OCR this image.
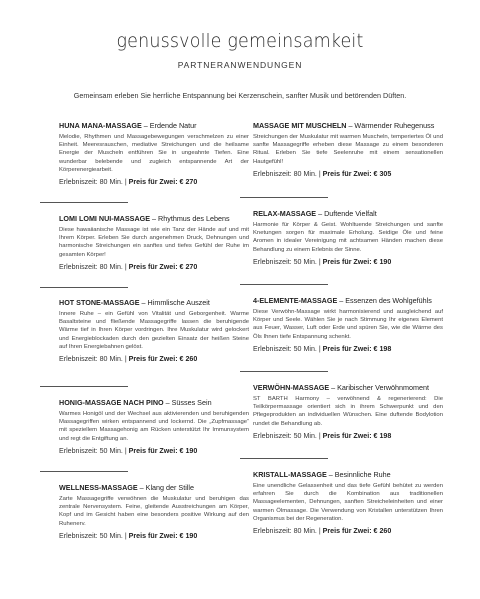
genussvolle gemeinsamkeit
PARTNERANWENDUNGEN
Gemeinsam erleben Sie herrliche Entspannung bei Kerzenschein, sanfter Musik und betörenden Düften.
HUNA MANA-MASSAGE – Erdende Natur
Melodie, Rhythmen und Massagebewegungen verschmelzen zu einer Einheit. Meeresrauschen, mediative Streichungen und die heilsame Energie der Muscheln entführen Sie in ungeahnte Tiefen. Eine wunderbar belebende und zugleich entspannende Art der Körperenergiearbeit.
Erlebniszeit: 80 Min. | Preis für Zwei: € 270
LOMI LOMI NUI-MASSAGE – Rhythmus des Lebens
Diese hawaiianische Massage ist wie ein Tanz der Hände auf und mit Ihrem Körper. Erleben Sie durch angenehmen Druck, Dehnungen und harmonische Streichungen ein sanftes und tiefes Gefühl der Ruhe im gesamten Körper!
Erlebniszeit: 80 Min. | Preis für Zwei: € 270
HOT STONE-MASSAGE – Himmlische Auszeit
Innere Ruhe – ein Gefühl von Vitalität und Geborgenheit. Warme Basaltsteine und fließende Massagegriffe lassen die beruhigende Wärme tief in Ihren Körper vordringen. Ihre Muskulatur wird gelockert und Energieblockaden durch den gezielten Einsatz der heißen Steine auf Ihren Energiebahnen gelöst.
Erlebniszeit: 80 Min. | Preis für Zwei: € 260
HONIG-MASSAGE NACH PINO – Süsses Sein
Warmes Honigöl und der Wechsel aus aktivierenden und beruhigenden Massagegriffen wirken entspannend und lockernd. Die „Zupfmassage“ mit speziellem Massagehonig am Rücken unterstützt Ihr Immunsystem und regt die Entgiftung an.
Erlebniszeit: 50 Min. | Preis für Zwei: € 190
WELLNESS-MASSAGE – Klang der Stille
Zarte Massagegriffe verwöhnen die Muskulatur und beruhigen das zentrale Nervensystem. Feine, gleitende Ausstreichungen am Körper, Kopf und im Gesicht haben eine besonders positive Wirkung auf den Ruhenerv.
Erlebniszeit: 50 Min. | Preis für Zwei: € 190
MASSAGE MIT MUSCHELN – Wärmender Ruhegenuss
Streichungen der Muskulatur mit warmen Muscheln, temperiertes Öl und sanfte Massagegriffe erheben diese Massage zu einem besonderen Ritual. Erleben Sie tiefe Seelenruhe mit einem sensationellen Hautgefühl!
Erlebniszeit: 80 Min. | Preis für Zwei: € 305
RELAX-MASSAGE – Duftende Vielfalt
Harmonie für Körper & Geist. Wohltuende Streichungen und sanfte Knetungen sorgen für maximale Erholung. Seidige Öle und feine Aromen in idealer Vereinigung mit achtsamen Händen machen diese Behandlung zu einem Erlebnis der Sinne.
Erlebniszeit: 50 Min. | Preis für Zwei: € 190
4-ELEMENTE-MASSAGE – Essenzen des Wohlgefühls
Diese Verwöhn-Massage wirkt harmonisierend und ausgleichend auf Körper und Seele. Wählen Sie je nach Stimmung Ihr eigenes Element aus Feuer, Wasser, Luft oder Erde und spüren Sie, wie die Wärme des Öls Ihnen tiefe Entspannung schenkt.
Erlebniszeit: 50 Min. | Preis für Zwei: € 198
VERWÖHN-MASSAGE – Karibischer Verwöhnmoment
ST BARTH Harmony – verwöhnend & regenerierend: Die Teilkörpermassage orientiert sich in ihrem Schwerpunkt und den Pflegeprodukten an individuellen Wünschen. Eine duftende Bodylotion rundet die Behandlung ab.
Erlebniszeit: 50 Min. | Preis für Zwei: € 198
KRISTALL-MASSAGE – Besinnliche Ruhe
Eine unendliche Gelassenheit und das tiefe Gefühl behütet zu werden erfahren Sie durch die Kombination aus traditionellen Massageelementen, Dehnungen, sanften Streicheleinheiten und einer warmen Ölmassage. Die Verwendung von Kristallen unterstützen Ihren Organismus bei der Regeneration.
Erlebniszeit: 80 Min. | Preis für Zwei: € 260
